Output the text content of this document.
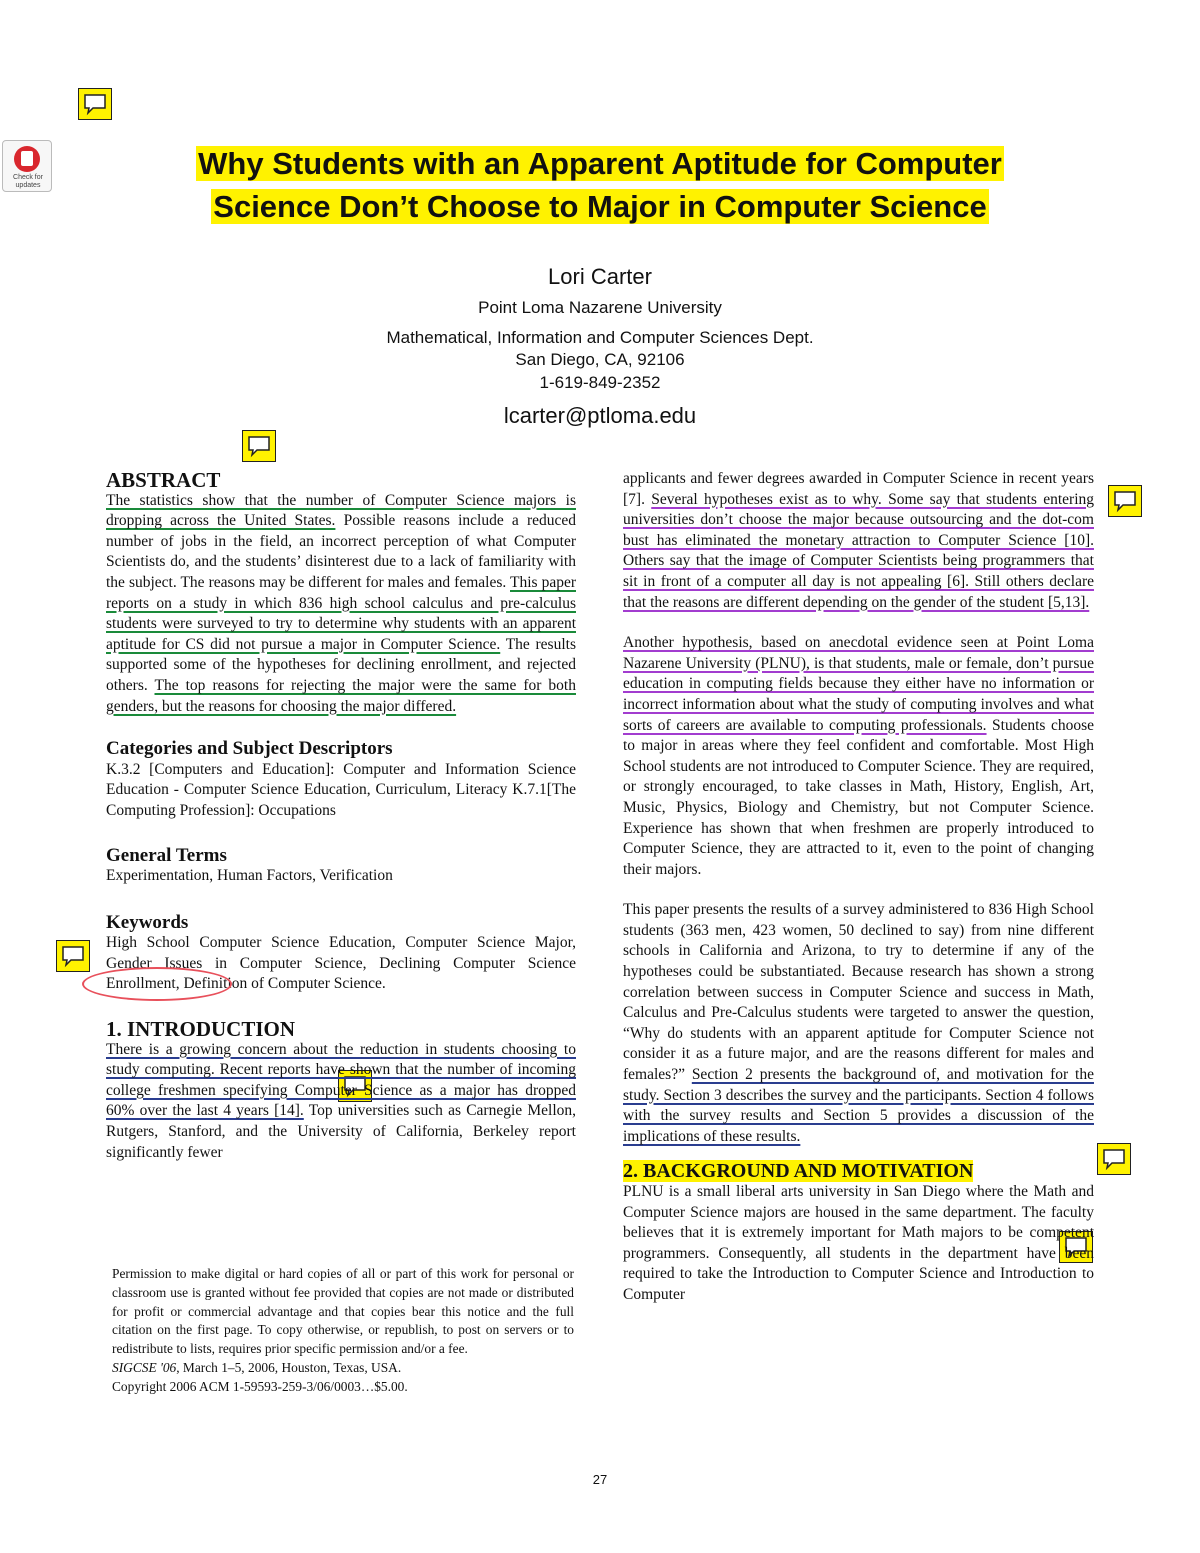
Check for updates
Why Students with an Apparent Aptitude for Computer
Science Don’t Choose to Major in Computer Science
Lori Carter
Point Loma Nazarene University
Mathematical, Information and Computer Sciences Dept.
San Diego, CA, 92106
1-619-849-2352
lcarter@ptloma.edu

ABSTRACT

The statistics show that the number of Computer Science majors is dropping across the United States. Possible reasons include a reduced number of jobs in the field, an incorrect perception of what Computer Scientists do, and the students’ disinterest due to a lack of familiarity with the subject. The reasons may be different for males and females. This paper reports on a study in which 836 high school calculus and pre-calculus students were surveyed to try to determine why students with an apparent aptitude for CS did not pursue a major in Computer Science. The results supported some of the hypotheses for declining enrollment, and rejected others. The top reasons for rejecting the major were the same for both genders, but the reasons for choosing the major differed.

Categories and Subject Descriptors

K.3.2 [Computers and Education]: Computer and Information Science Education - Computer Science Education, Curriculum, Literacy K.7.1[The Computing Profession]: Occupations

General Terms

Experimentation, Human Factors, Verification

Keywords

High School Computer Science Education, Computer Science Major, Gender Issues in Computer Science, Declining Computer Science Enrollment, Definition of Computer Science.

1. INTRODUCTION

There is a growing concern about the reduction in students choosing to study computing. Recent reports have shown that the number of incoming college freshmen specifying Computer Science as a major has dropped 60% over the last 4 years [14]. Top universities such as Carnegie Mellon, Rutgers, Stanford, and the University of California, Berkeley report significantly fewer

Permission to make digital or hard copies of all or part of this work for personal or classroom use is granted without fee provided that copies are not made or distributed for profit or commercial advantage and that copies bear this notice and the full citation on the first page. To copy otherwise, or republish, to post on servers or to redistribute to lists, requires prior specific permission and/or a fee.
SIGCSE '06, March 1–5, 2006, Houston, Texas, USA.
Copyright 2006 ACM 1-59593-259-3/06/0003…$5.00.

applicants and fewer degrees awarded in Computer Science in recent years [7]. Several hypotheses exist as to why. Some say that students entering universities don’t choose the major because outsourcing and the dot-com bust has eliminated the monetary attraction to Computer Science [10]. Others say that the image of Computer Scientists being programmers that sit in front of a computer all day is not appealing [6]. Still others declare that the reasons are different depending on the gender of the student [5,13].

Another hypothesis, based on anecdotal evidence seen at Point Loma Nazarene University (PLNU), is that students, male or female, don’t pursue education in computing fields because they either have no information or incorrect information about what the study of computing involves and what sorts of careers are available to computing professionals. Students choose to major in areas where they feel confident and comfortable. Most High School students are not introduced to Computer Science. They are required, or strongly encouraged, to take classes in Math, History, English, Art, Music, Physics, Biology and Chemistry, but not Computer Science. Experience has shown that when freshmen are properly introduced to Computer Science, they are attracted to it, even to the point of changing their majors.

This paper presents the results of a survey administered to 836 High School students (363 men, 423 women, 50 declined to say) from nine different schools in California and Arizona, to try to determine if any of the hypotheses could be substantiated. Because research has shown a strong correlation between success in Computer Science and success in Math, Calculus and Pre-Calculus students were targeted to answer the question, “Why do students with an apparent aptitude for Computer Science not consider it as a future major, and are the reasons different for males and females?” Section 2 presents the background of, and motivation for the study. Section 3 describes the survey and the participants. Section 4 follows with the survey results and Section 5 provides a discussion of the implications of these results.

2. BACKGROUND AND MOTIVATION

PLNU is a small liberal arts university in San Diego where the Math and Computer Science majors are housed in the same department. The faculty believes that it is extremely important for Math majors to be competent programmers. Consequently, all students in the department have been required to take the Introduction to Computer Science and Introduction to Computer

27
